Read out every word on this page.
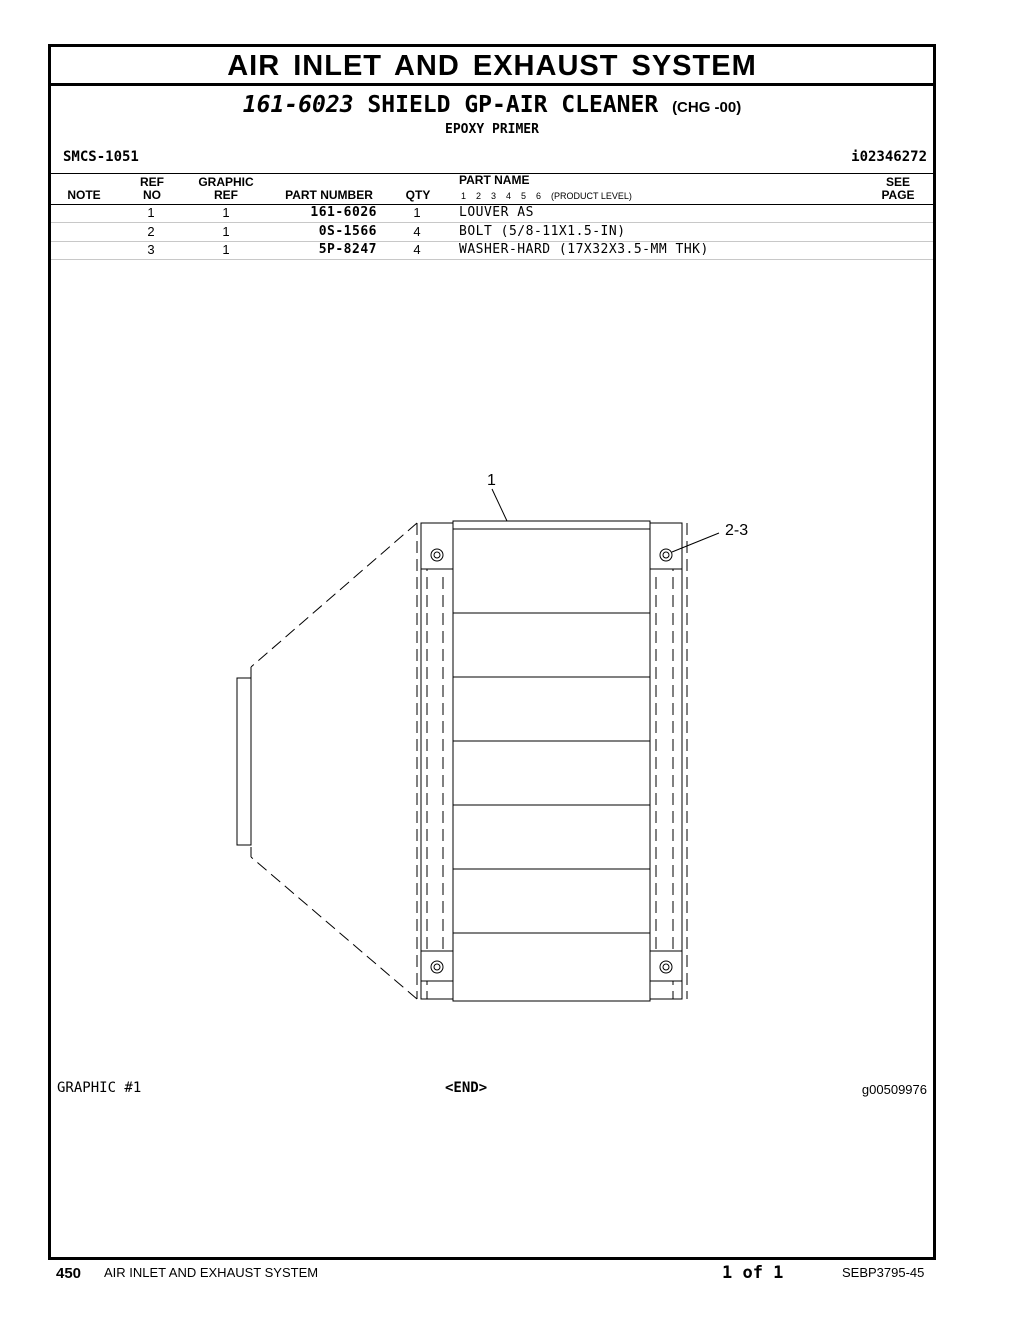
AIR INLET AND EXHAUST SYSTEM
161-6023 SHIELD GP-AIR CLEANER (CHG -00)
EPOXY PRIMER
SMCS-1051	i02346272
NOTE
REF
NO
GRAPHIC
REF	PART NUMBER	QTY
PART NAME
1    2    3    4    5    6    (PRODUCT LEVEL)
SEE
PAGE
1	1	161-6026	1	LOUVER AS
2	1	0S-1566	4	BOLT (5/8-11X1.5-IN)
3	1	5P-8247	4	WASHER-HARD (17X32X3.5-MM THK)
1
2-3
GRAPHIC #1	<END>	g00509976
450 AIR INLET AND EXHAUST SYSTEM	1 of 1	SEBP3795-45
